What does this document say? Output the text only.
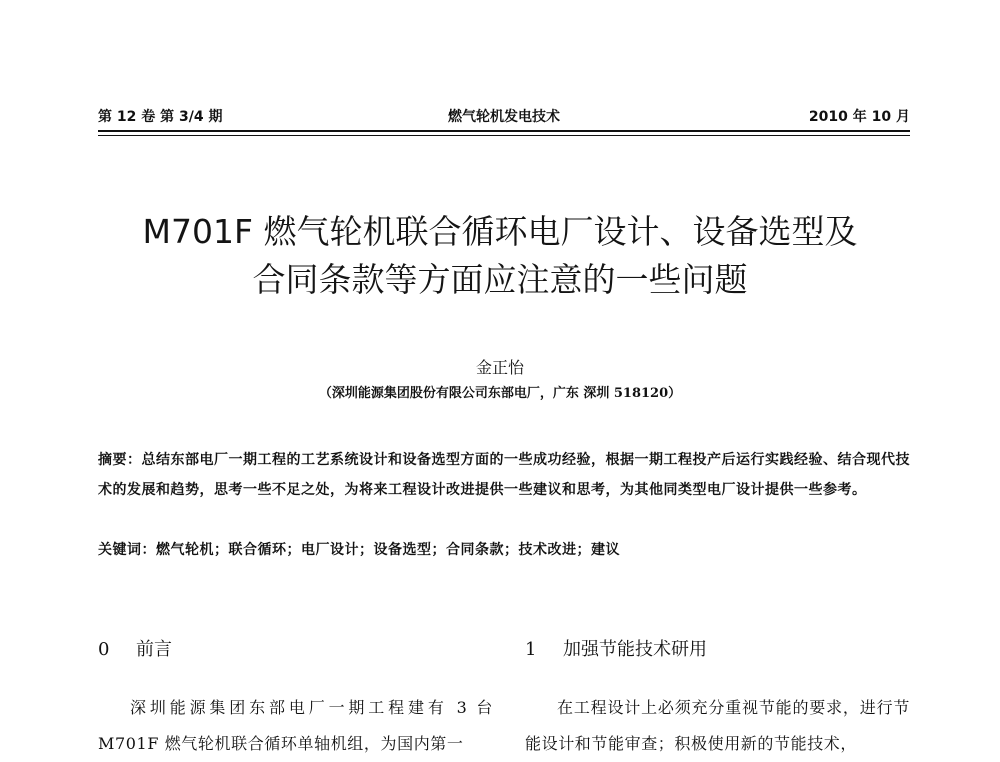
第 12 卷 第 3/4 期	燃气轮机发电技术	2010 年 10 月
M701F 燃气轮机联合循环电厂设计、设备选型及
合同条款等方面应注意的一些问题
金正怡
（深圳能源集团股份有限公司东部电厂，广东 深圳 518120）
摘要：总结东部电厂一期工程的工艺系统设计和设备选型方面的一些成功经验，根据一期工程投产后运行实践经验、结合现代技术的发展和趋势，思考一些不足之处，为将来工程设计改进提供一些建议和思考，为其他同类型电厂设计提供一些参考。
关键词：燃气轮机；联合循环；电厂设计；设备选型；合同条款；技术改进；建议
0 前言
深圳能源集团东部电厂一期工程建有 3 台 M701F 燃气轮机联合循环单轴机组，为国内第一
1 加强节能技术研用
在工程设计上必须充分重视节能的要求，进行节能设计和节能审查；积极使用新的节能技术，
